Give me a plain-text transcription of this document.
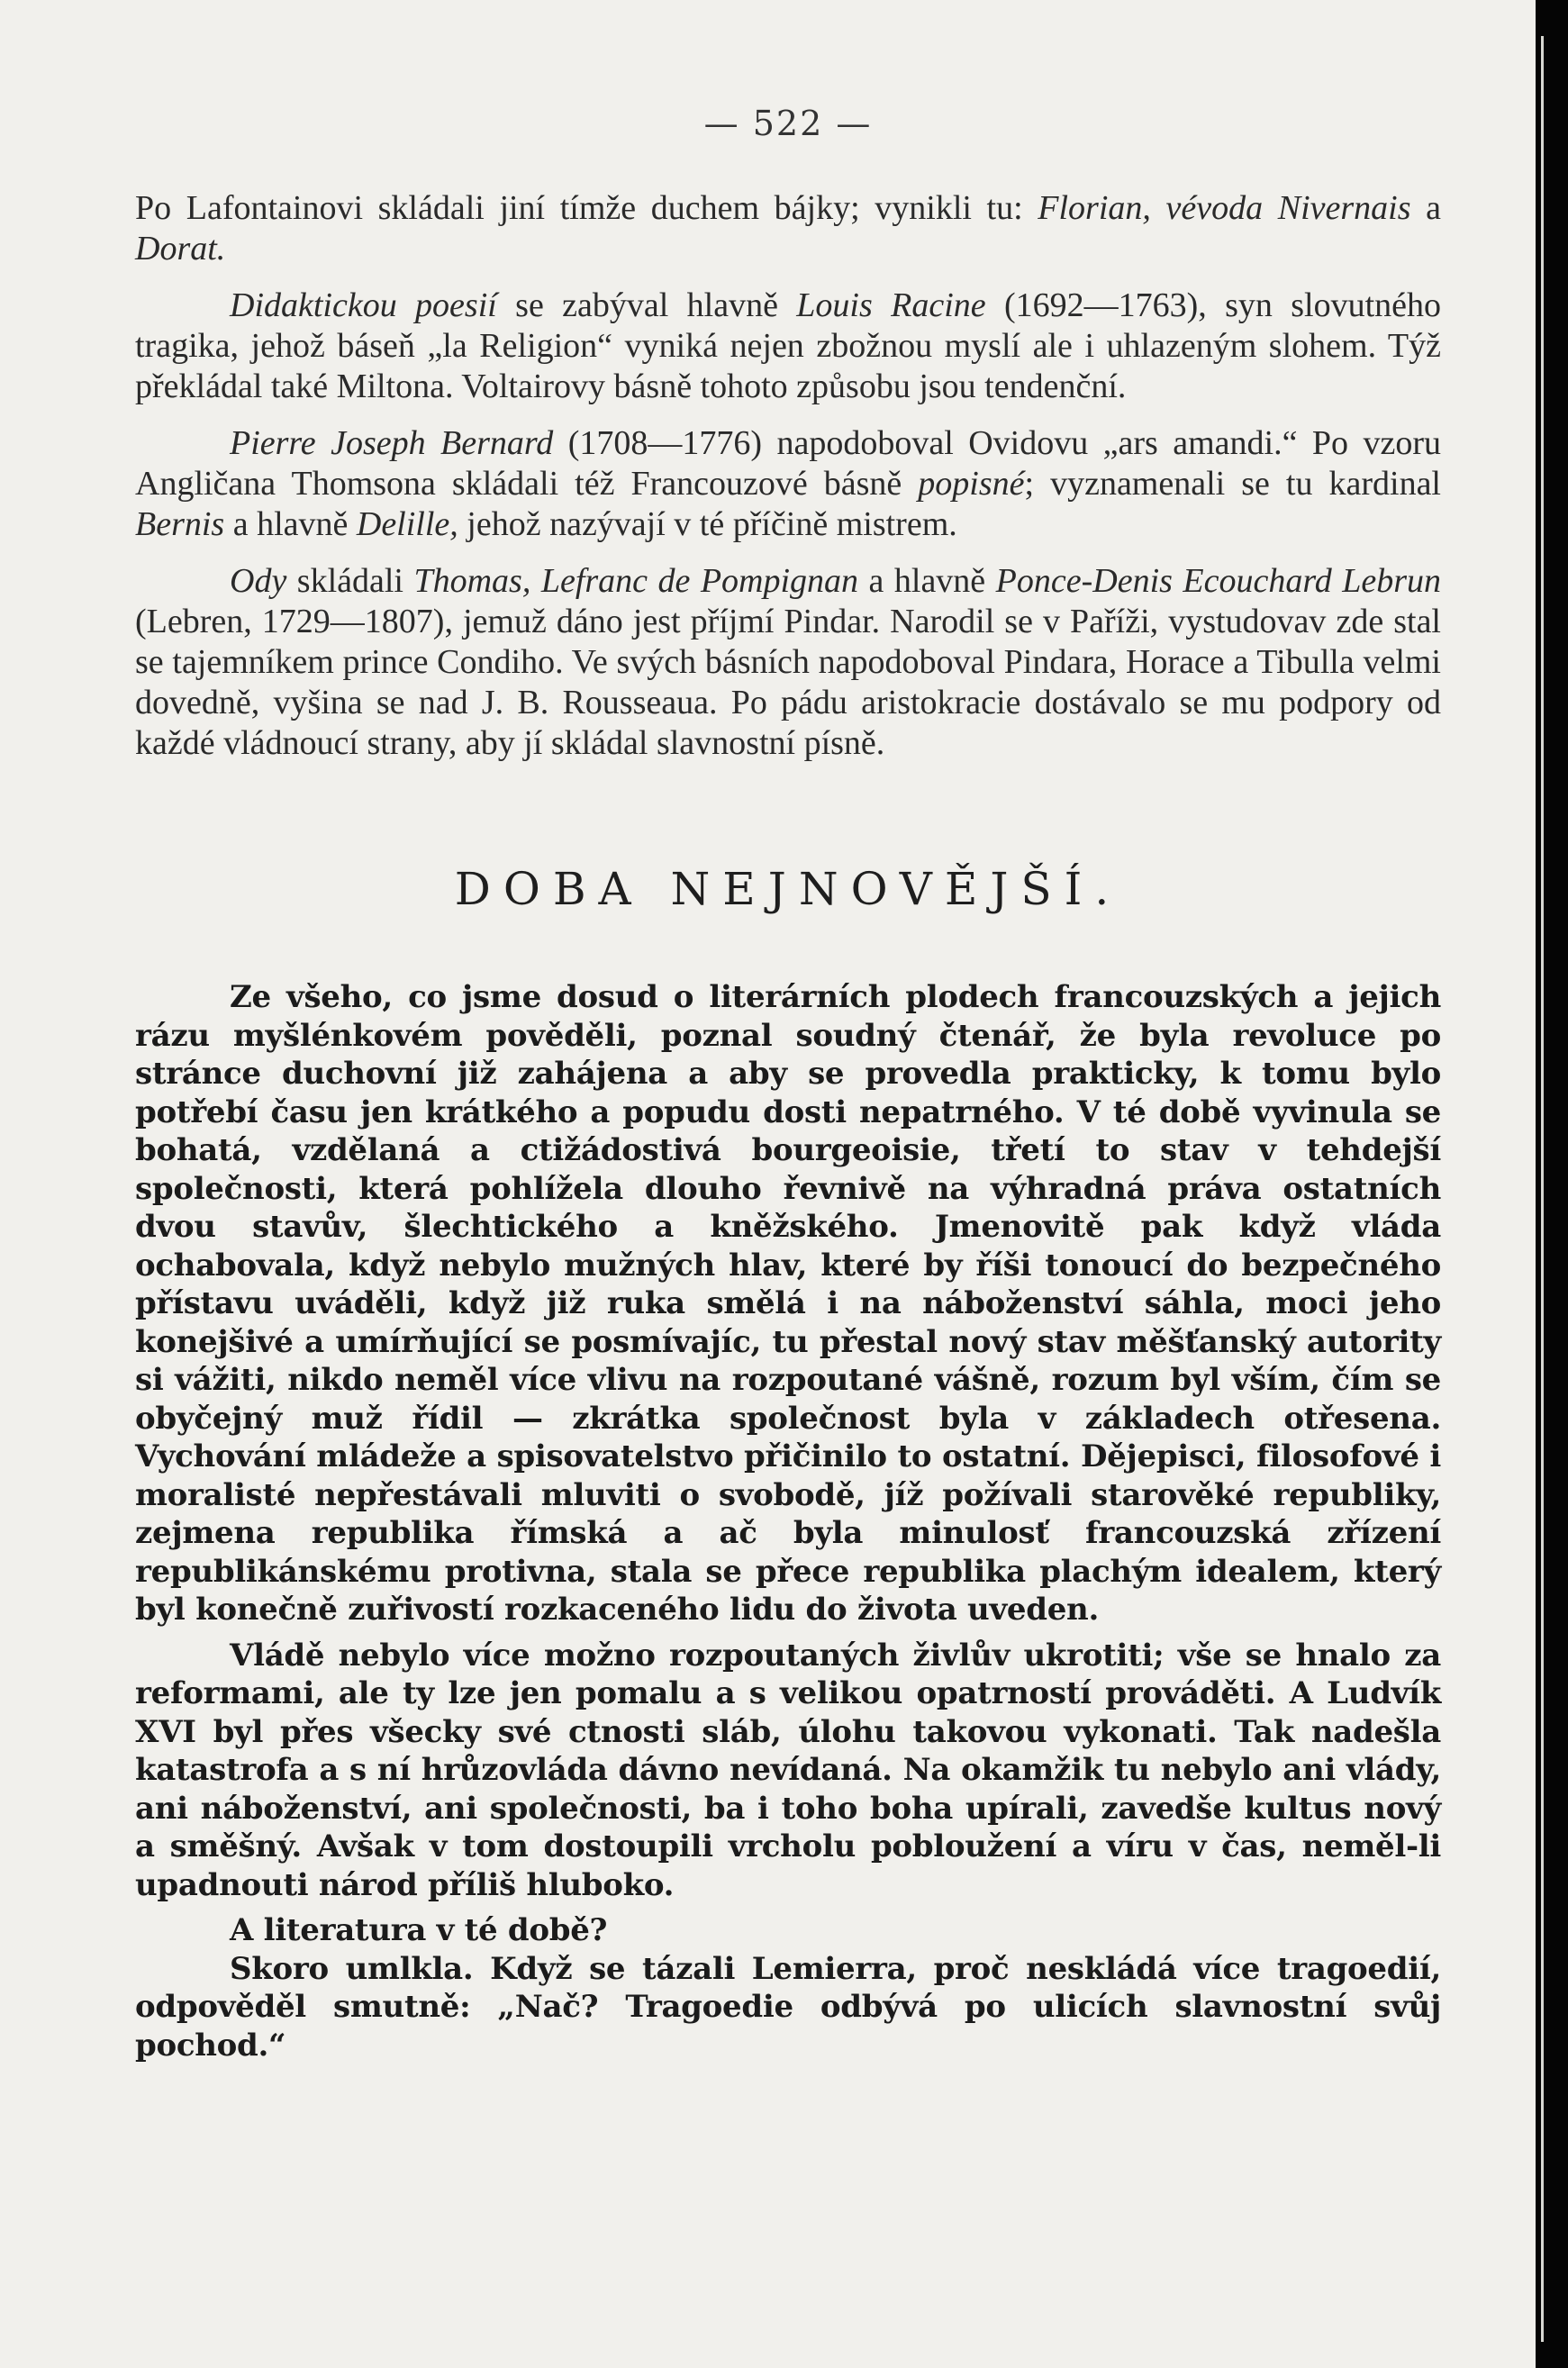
— 522 —

Po Lafontainovi skládali jiní tímže duchem bájky; vynikli tu: Florian, vévoda Nivernais a Dorat.

Didaktickou poesií se zabýval hlavně Louis Racine (1692—1763), syn slovutného tragika, jehož báseň „la Religion“ vyniká nejen zbožnou myslí ale i uhlazeným slohem. Týž překládal také Miltona. Voltairovy básně tohoto způsobu jsou tendenční.

Pierre Joseph Bernard (1708—1776) napodoboval Ovidovu „ars amandi.“ Po vzoru Angličana Thomsona skládali též Francouzové básně popisné; vyznamenali se tu kardinal Bernis a hlavně Delille, jehož nazývají v té příčině mistrem.

Ody skládali Thomas, Lefranc de Pompignan a hlavně Ponce-Denis Ecouchard Lebrun (Lebren, 1729—1807), jemuž dáno jest příjmí Pindar. Narodil se v Paříži, vystudovav zde stal se tajemníkem prince Condiho. Ve svých básních napodoboval Pindara, Horace a Tibulla velmi dovedně, vyšina se nad J. B. Rousseaua. Po pádu aristokracie dostávalo se mu podpory od každé vládnoucí strany, aby jí skládal slavnostní písně.

DOBA NEJNOVĚJŠÍ.

Ze všeho, co jsme dosud o literárních plodech francouzských a jejich rázu myšlénkovém pověděli, poznal soudný čtenář, že byla revoluce po stránce duchovní již zahájena a aby se provedla prakticky, k tomu bylo potřebí času jen krátkého a popudu dosti nepatrného. V té době vyvinula se bohatá, vzdělaná a ctižádostivá bourgeoisie, třetí to stav v tehdejší společnosti, která pohlížela dlouho řevnivě na výhradná práva ostatních dvou stavův, šlechtického a kněžského. Jmenovitě pak když vláda ochabovala, když nebylo mužných hlav, které by říši tonoucí do bezpečného přístavu uváděli, když již ruka smělá i na náboženství sáhla, moci jeho konejšivé a umírňující se posmívajíc, tu přestal nový stav měšťanský autority si vážiti, nikdo neměl více vlivu na rozpoutané vášně, rozum byl vším, čím se obyčejný muž řídil — zkrátka společnost byla v základech otřesena. Vychování mládeže a spisovatelstvo přičinilo to ostatní. Dějepisci, filosofové i moralisté nepřestávali mluviti o svobodě, jíž požívali starověké republiky, zejmena republika římská a ač byla minulosť francouzská zřízení republikánskému protivna, stala se přece republika plachým idealem, který byl konečně zuřivostí rozkaceného lidu do života uveden.

Vládě nebylo více možno rozpoutaných živlův ukrotiti; vše se hnalo za reformami, ale ty lze jen pomalu a s velikou opatrností prováděti. A Ludvík XVI byl přes všecky své ctnosti sláb, úlohu takovou vykonati. Tak nadešla katastrofa a s ní hrůzovláda dávno nevídaná. Na okamžik tu nebylo ani vlády, ani náboženství, ani společnosti, ba i toho boha upírali, zavedše kultus nový a směšný. Avšak v tom dostoupili vrcholu pobloužení a víru v čas, neměl-li upadnouti národ příliš hluboko.

A literatura v té době?

Skoro umlkla. Když se tázali Lemierra, proč neskládá více tragoedií, odpověděl smutně: „Nač? Tragoedie odbývá po ulicích slavnostní svůj pochod.“
